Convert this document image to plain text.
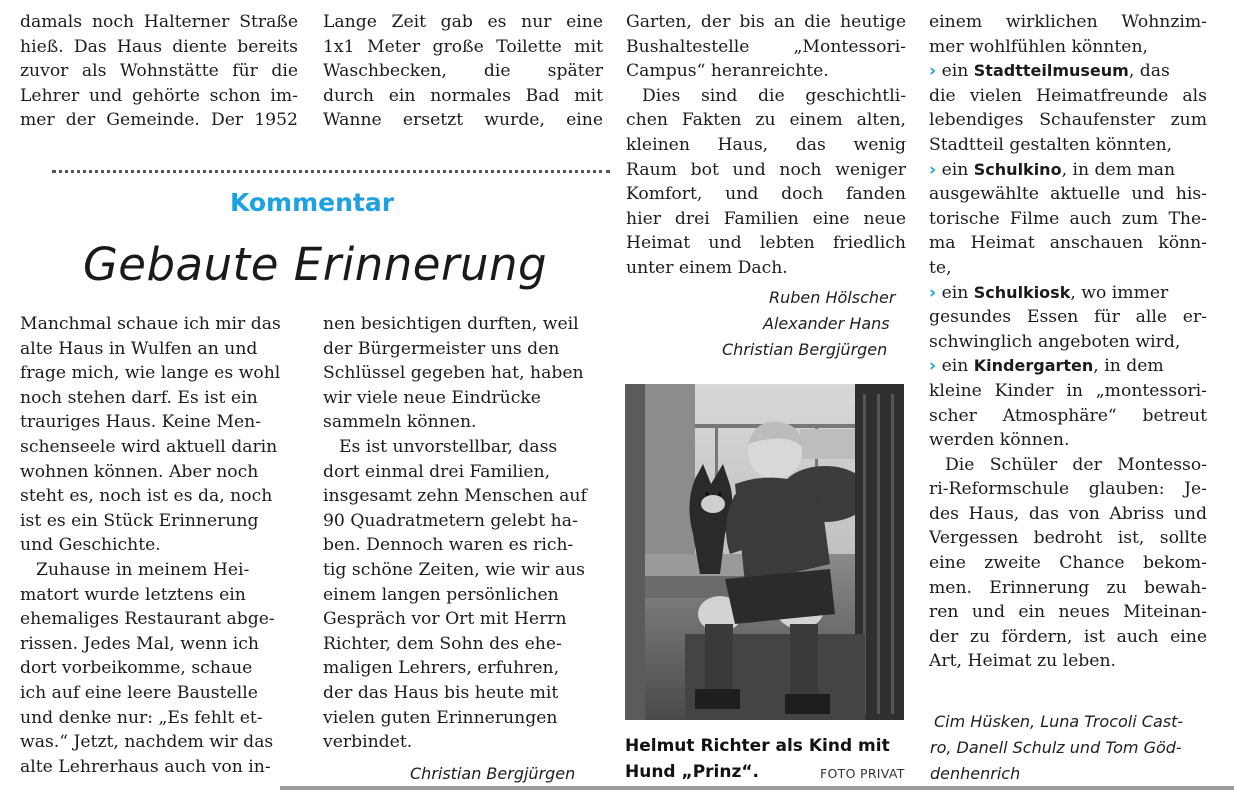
damals noch Halterner Straße
hieß. Das Haus diente bereits
zuvor als Wohnstätte für die
Lehrer und gehörte schon im-
mer der Gemeinde. Der 1952
Lange Zeit gab es nur eine
1x1 Meter große Toilette mit
Waschbecken, die später
durch ein normales Bad mit
Wanne ersetzt wurde, eine
Kommentar
Gebaute Erinnerung
Manchmal schaue ich mir das
alte Haus in Wulfen an und
frage mich, wie lange es wohl
noch stehen darf. Es ist ein
trauriges Haus. Keine Men-
schenseele wird aktuell darin
wohnen können. Aber noch
steht es, noch ist es da, noch
ist es ein Stück Erinnerung
und Geschichte.
Zuhause in meinem Hei-
matort wurde letztens ein
ehemaliges Restaurant abge-
rissen. Jedes Mal, wenn ich
dort vorbeikomme, schaue
ich auf eine leere Baustelle
und denke nur: „Es fehlt et-
was.“ Jetzt, nachdem wir das
alte Lehrerhaus auch von in-
nen besichtigen durften, weil
der Bürgermeister uns den
Schlüssel gegeben hat, haben
wir viele neue Eindrücke
sammeln können.
Es ist unvorstellbar, dass
dort einmal drei Familien,
insgesamt zehn Menschen auf
90 Quadratmetern gelebt ha-
ben. Dennoch waren es rich-
tig schöne Zeiten, wie wir aus
einem langen persönlichen
Gespräch vor Ort mit Herrn
Richter, dem Sohn des ehe-
maligen Lehrers, erfuhren,
der das Haus bis heute mit
vielen guten Erinnerungen
verbindet.
Christian Bergjürgen
Garten, der bis an die heutige
Bushaltestelle „Montessori-
Campus“ heranreichte.
Dies sind die geschichtli-
chen Fakten zu einem alten,
kleinen Haus, das wenig
Raum bot und noch weniger
Komfort, und doch fanden
hier drei Familien eine neue
Heimat und lebten friedlich
unter einem Dach.
Ruben Hölscher
Alexander Hans
Christian Bergjürgen
Helmut Richter als Kind mit
Hund „Prinz“.	FOTO PRIVAT
einem wirklichen Wohnzim-
mer wohlfühlen könnten,
› ein Stadtteilmuseum, das
die vielen Heimatfreunde als
lebendiges Schaufenster zum
Stadtteil gestalten könnten,
› ein Schulkino, in dem man
ausgewählte aktuelle und his-
torische Filme auch zum The-
ma Heimat anschauen könn-
te,
› ein Schulkiosk, wo immer
gesundes Essen für alle er-
schwinglich angeboten wird,
› ein Kindergarten, in dem
kleine Kinder in „montessori-
scher Atmosphäre“ betreut
werden können.
Die Schüler der Montesso-
ri-Reformschule glauben: Je-
des Haus, das von Abriss und
Vergessen bedroht ist, sollte
eine zweite Chance bekom-
men. Erinnerung zu bewah-
ren und ein neues Miteinan-
der zu fördern, ist auch eine
Art, Heimat zu leben.
Cim Hüsken, Luna Trocoli Cast-
ro, Danell Schulz und Tom Göd-
denhenrich
